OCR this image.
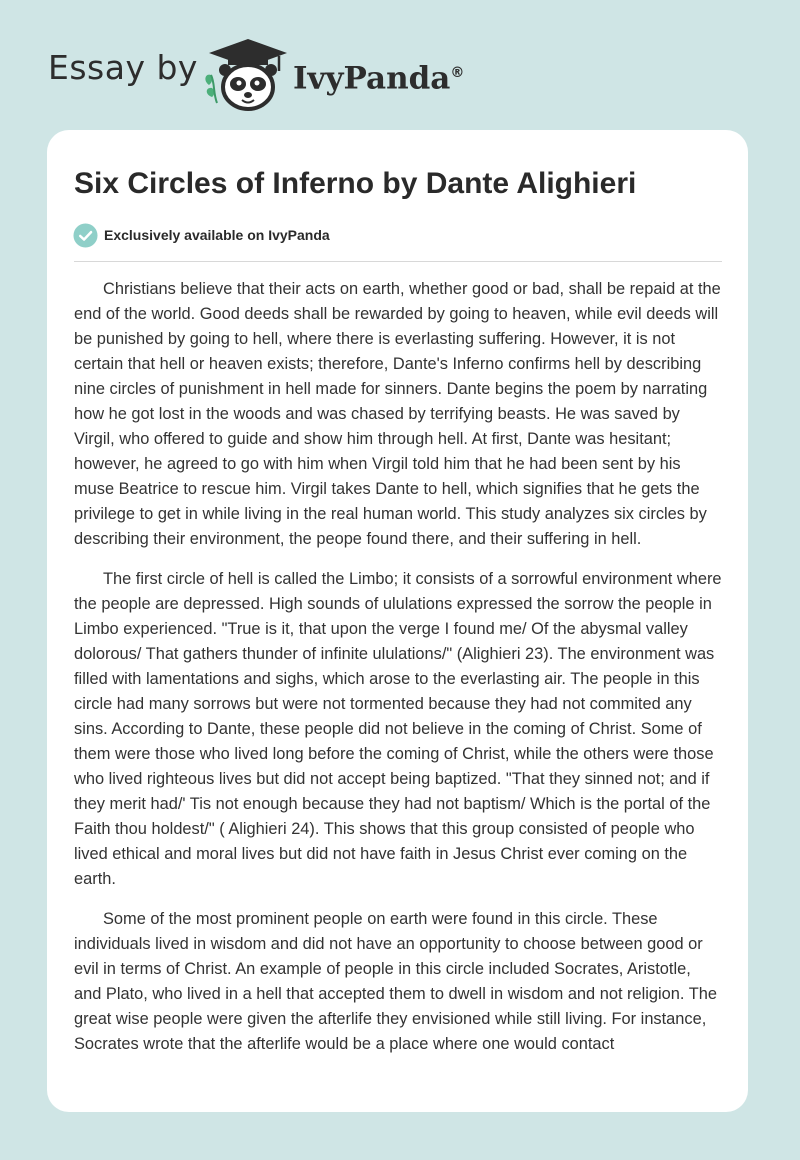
Essay by	IvyPanda®
Six Circles of Inferno by Dante Alighieri
Exclusively available on IvyPanda

Christians believe that their acts on earth, whether good or bad, shall be repaid at the end of the world. Good deeds shall be rewarded by going to heaven, while evil deeds will be punished by going to hell, where there is everlasting suffering. However, it is not certain that hell or heaven exists; therefore, Dante's Inferno confirms hell by describing nine circles of punishment in hell made for sinners. Dante begins the poem by narrating how he got lost in the woods and was chased by terrifying beasts. He was saved by Virgil, who offered to guide and show him through hell. At first, Dante was hesitant; however, he agreed to go with him when Virgil told him that he had been sent by his muse Beatrice to rescue him. Virgil takes Dante to hell, which signifies that he gets the privilege to get in while living in the real human world. This study analyzes six circles by describing their environment, the peope found there, and their suffering in hell.

The first circle of hell is called the Limbo; it consists of a sorrowful environment where the people are depressed. High sounds of ululations expressed the sorrow the people in Limbo experienced. "True is it, that upon the verge I found me/ Of the abysmal valley dolorous/ That gathers thunder of infinite ululations/" (Alighieri 23). The environment was filled with lamentations and sighs, which arose to the everlasting air. The people in this circle had many sorrows but were not tormented because they had not commited any sins. According to Dante, these people did not believe in the coming of Christ. Some of them were those who lived long before the coming of Christ, while the others were those who lived righteous lives but did not accept being baptized. "That they sinned not; and if they merit had/' Tis not enough because they had not baptism/ Which is the portal of the Faith thou holdest/" ( Alighieri 24). This shows that this group consisted of people who lived ethical and moral lives but did not have faith in Jesus Christ ever coming on the earth.

Some of the most prominent people on earth were found in this circle. These individuals lived in wisdom and did not have an opportunity to choose between good or evil in terms of Christ. An example of people in this circle included Socrates, Aristotle, and Plato, who lived in a hell that accepted them to dwell in wisdom and not religion. The great wise people were given the afterlife they envisioned while still living. For instance, Socrates wrote that the afterlife would be a place where one would contact
